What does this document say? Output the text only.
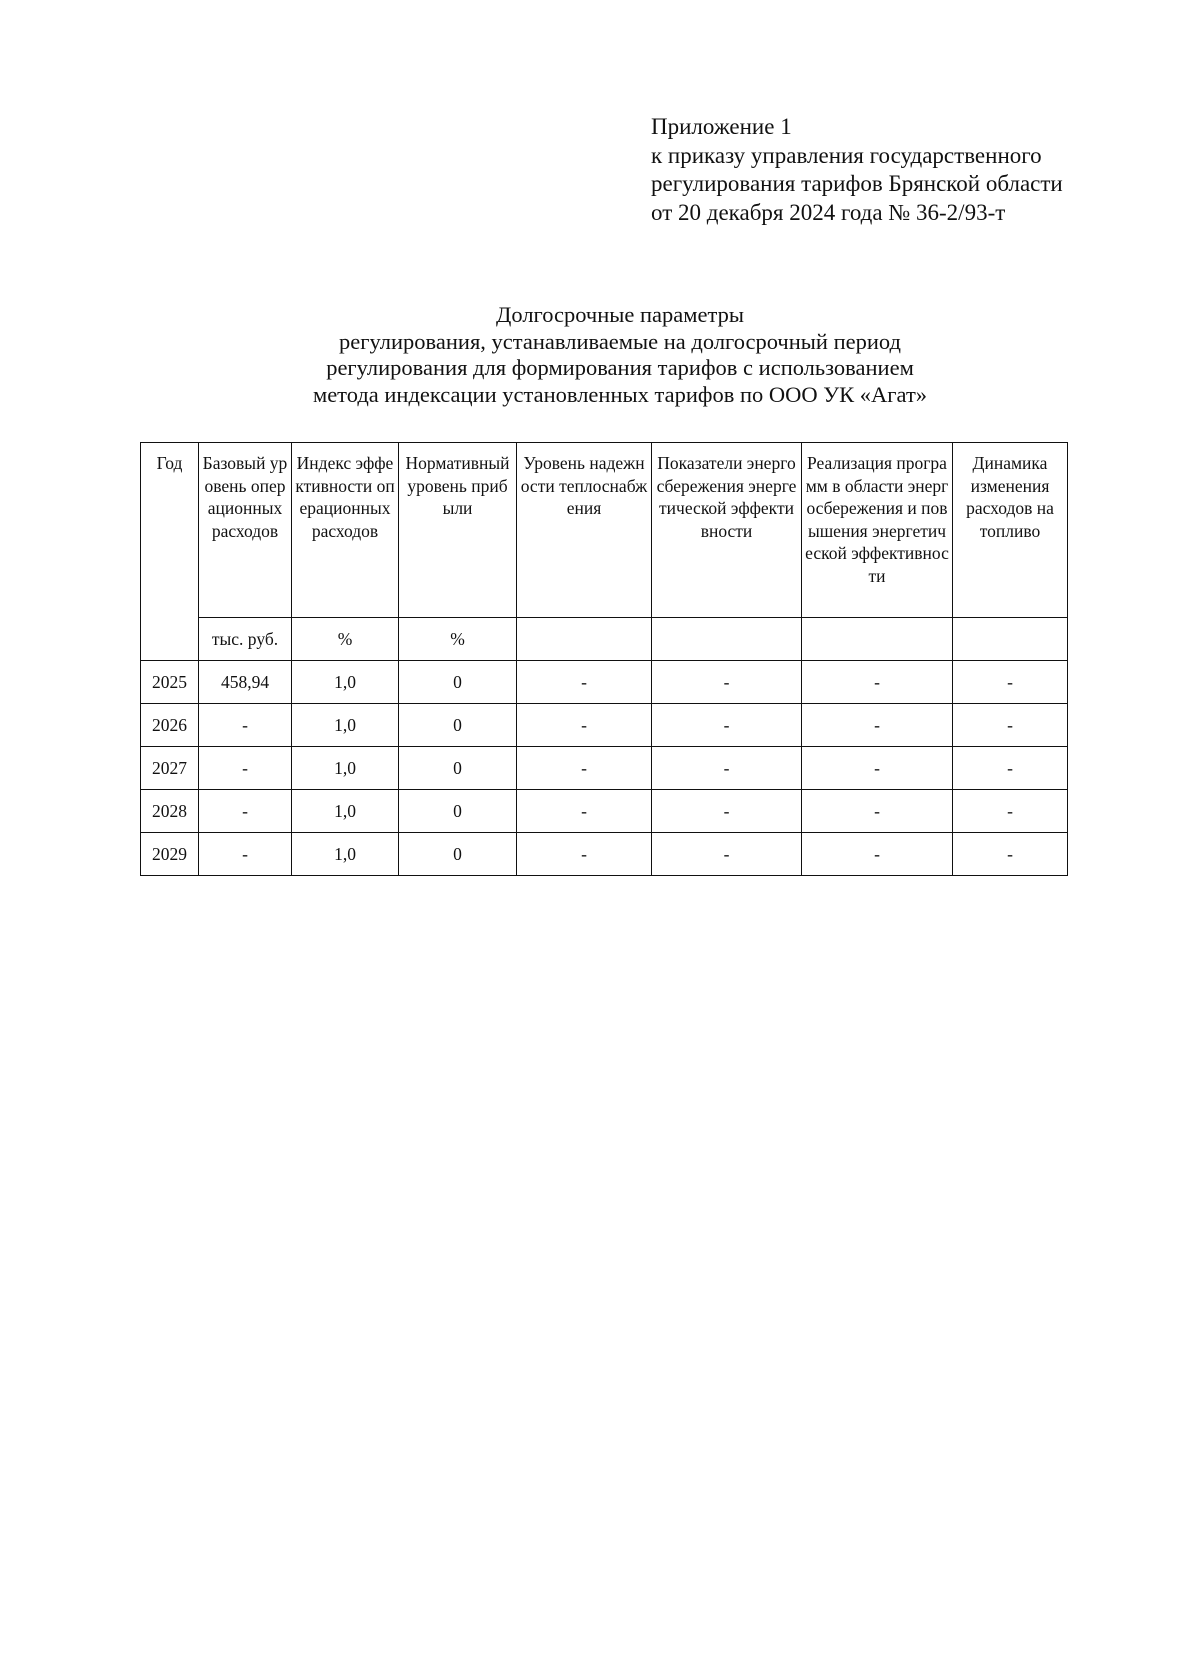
Приложение 1
к приказу управления государственного
регулирования тарифов Брянской области
от 20 декабря 2024 года № 36-2/93-т
Долгосрочные параметры
регулирования, устанавливаемые на долгосрочный период
регулирования для формирования тарифов с использованием
метода индексации установленных тарифов по ООО УК «Агат»
Год	Базовый уровень операционных расходов	Индекс эффективности операционных расходов	Нормативный уровень прибыли	Уровень надежности теплоснабжения	Показатели энергосбережения энергетической эффективности	Реализация программ в области энергосбережения и повышения энергетической эффективности	Динамика изменения расходов на топливо
	тыс. руб.	%	%				
2025	458,94	1,0	0	-	-	-	-
2026	-	1,0	0	-	-	-	-
2027	-	1,0	0	-	-	-	-
2028	-	1,0	0	-	-	-	-
2029	-	1,0	0	-	-	-	-
